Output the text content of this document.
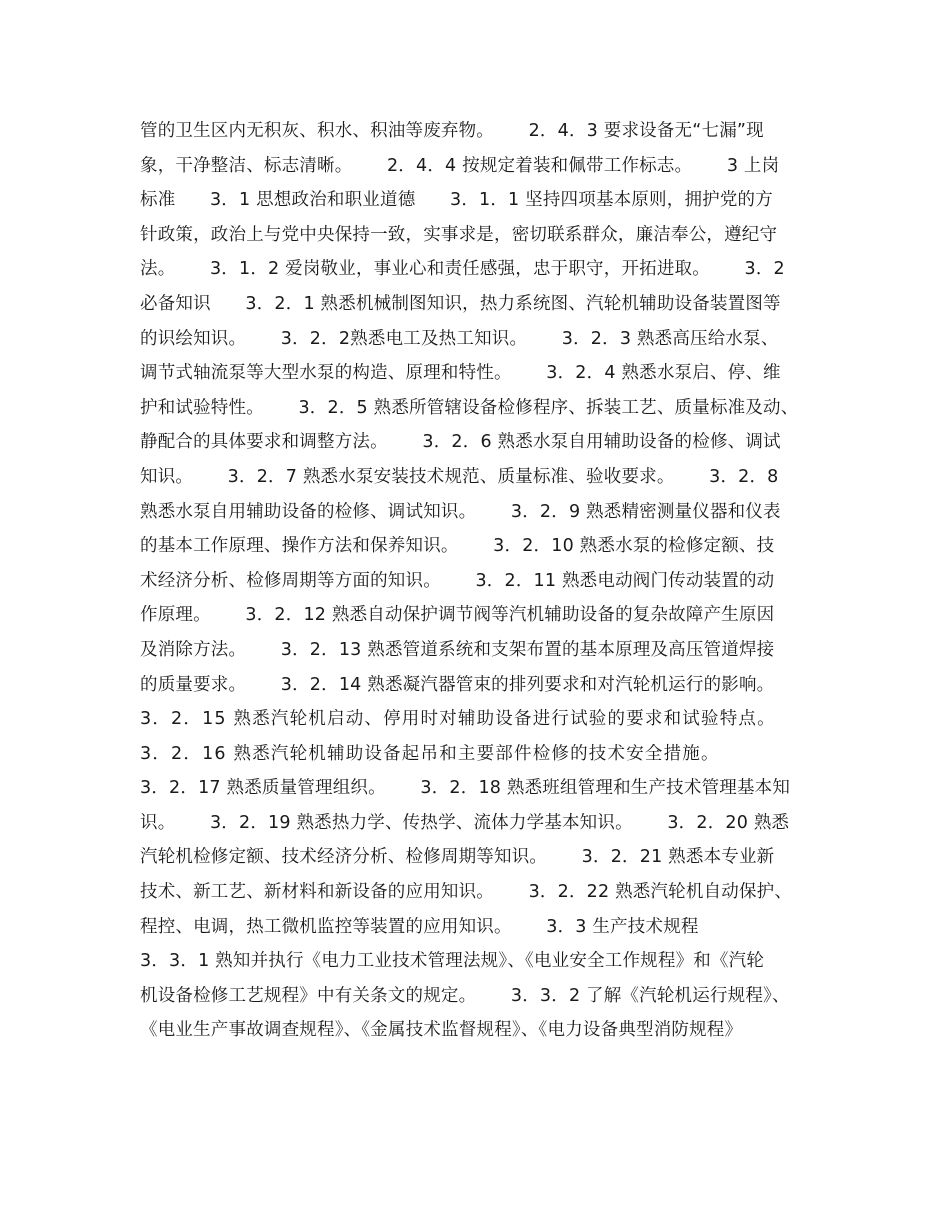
管的卫生区内无积灰、积水、积油等废弃物。      2．4．3 要求设备无“七漏”现
象，干净整洁、标志清晰。      2．4．4 按规定着装和佩带工作标志。      3 上岗
标准      3．1 思想政治和职业道德      3．1．1 坚持四项基本原则，拥护党的方
针政策，政治上与党中央保持一致，实事求是，密切联系群众，廉洁奉公，遵纪守
法。      3．1．2 爱岗敬业，事业心和责任感强，忠于职守，开拓进取。      3．2
必备知识      3．2．1 熟悉机械制图知识，热力系统图、汽轮机辅助设备装置图等
的识绘知识。      3．2．2熟悉电工及热工知识。      3．2．3 熟悉高压给水泵、
调节式轴流泵等大型水泵的构造、原理和特性。      3．2．4 熟悉水泵启、停、维
护和试验特性。      3．2．5 熟悉所管辖设备检修程序、拆装工艺、质量标准及动、
静配合的具体要求和调整方法。      3．2．6 熟悉水泵自用辅助设备的检修、调试
知识。      3．2．7 熟悉水泵安装技术规范、质量标准、验收要求。      3．2．8
熟悉水泵自用辅助设备的检修、调试知识。      3．2．9 熟悉精密测量仪器和仪表
的基本工作原理、操作方法和保养知识。      3．2．10 熟悉水泵的检修定额、技
术经济分析、检修周期等方面的知识。      3．2．11 熟悉电动阀门传动装置的动
作原理。      3．2．12 熟悉自动保护调节阀等汽机辅助设备的复杂故障产生原因
及消除方法。      3．2．13 熟悉管道系统和支架布置的基本原理及高压管道焊接
的质量要求。      3．2．14 熟悉凝汽器管束的排列要求和对汽轮机运行的影响。
3．2．15 熟悉汽轮机启动、停用时对辅助设备进行试验的要求和试验特点。
3．2．16 熟悉汽轮机辅助设备起吊和主要部件检修的技术安全措施。
3．2．17 熟悉质量管理组织。      3．2．18 熟悉班组管理和生产技术管理基本知
识。      3．2．19 熟悉热力学、传热学、流体力学基本知识。      3．2．20 熟悉
汽轮机检修定额、技术经济分析、检修周期等知识。      3．2．21 熟悉本专业新
技术、新工艺、新材料和新设备的应用知识。      3．2．22 熟悉汽轮机自动保护、
程控、电调，热工微机监控等装置的应用知识。      3．3 生产技术规程
3．3．1 熟知并执行《电力工业技术管理法规》、《电业安全工作规程》和《汽轮
机设备检修工艺规程》中有关条文的规定。      3．3．2 了解《汽轮机运行规程》、
《电业生产事故调查规程》、《金属技术监督规程》、《电力设备典型消防规程》
